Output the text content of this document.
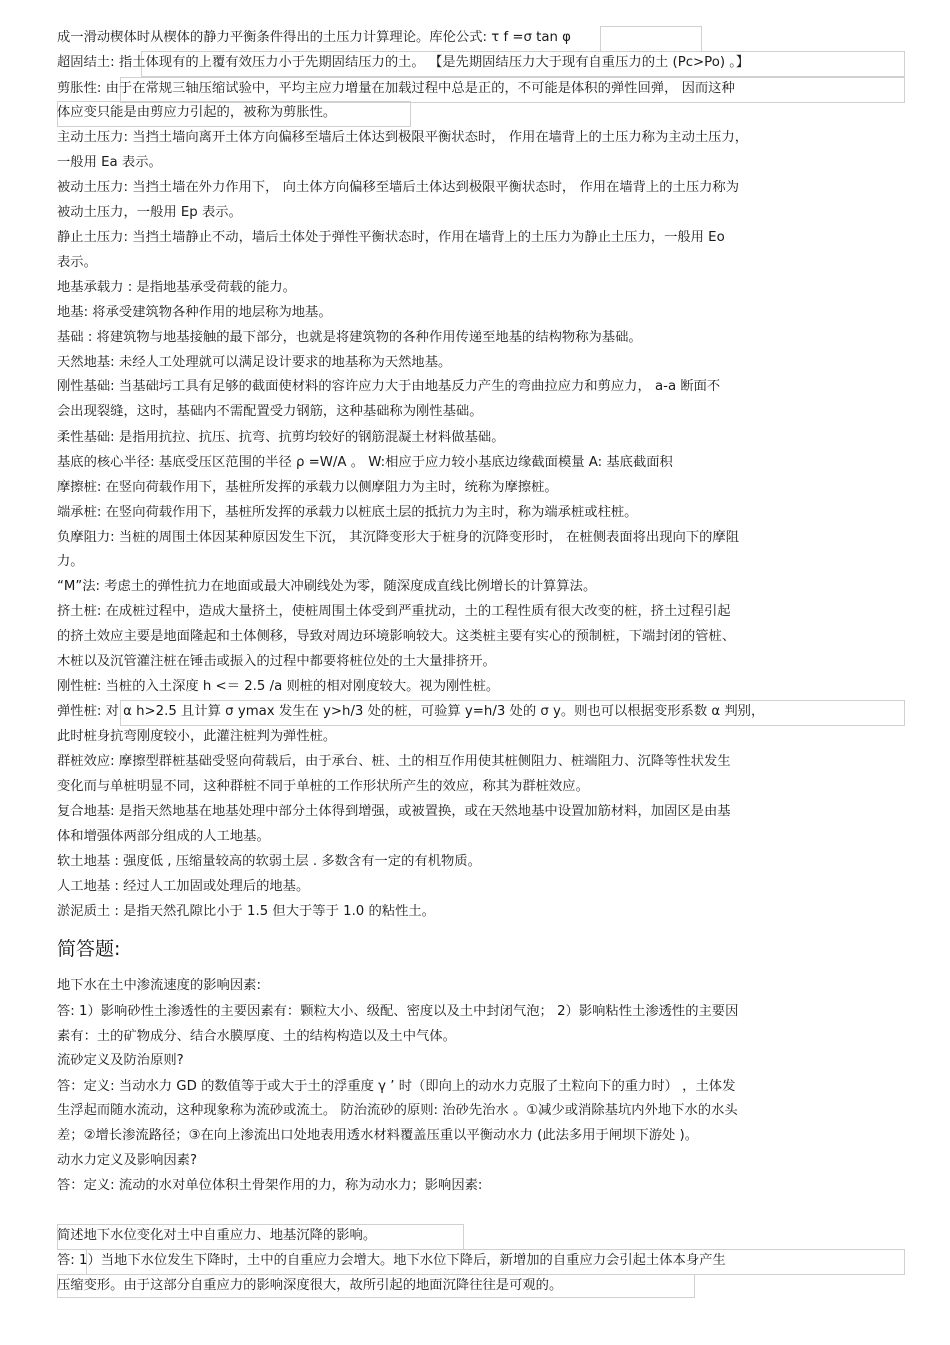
成一滑动楔体时从楔体的静力平衡条件得出的土压力计算理论。库伦公式: τ f =σ tan φ
超固结土: 指土体现有的上覆有效压力小于先期固结压力的土。 【是先期固结压力大于现有自重压力的土 (Pc>Po) 。】
剪胀性: 由于在常规三轴压缩试验中，平均主应力增量在加载过程中总是正的，不可能是体积的弹性回弹， 因而这种
体应变只能是由剪应力引起的，被称为剪胀性。
主动土压力: 当挡土墙向离开土体方向偏移至墙后土体达到极限平衡状态时， 作用在墙背上的土压力称为主动土压力，
一般用 Ea 表示。
被动土压力: 当挡土墙在外力作用下， 向土体方向偏移至墙后土体达到极限平衡状态时， 作用在墙背上的土压力称为
被动土压力，一般用 Ep 表示。
静止土压力: 当挡土墙静止不动，墙后土体处于弹性平衡状态时，作用在墙背上的土压力为静止土压力，一般用 Eo
表示。
地基承载力 : 是指地基承受荷载的能力。
地基: 将承受建筑物各种作用的地层称为地基。
基础 : 将建筑物与地基接触的最下部分，也就是将建筑物的各种作用传递至地基的结构物称为基础。
天然地基: 未经人工处理就可以满足设计要求的地基称为天然地基。
刚性基础: 当基础圬工具有足够的截面使材料的容许应力大于由地基反力产生的弯曲拉应力和剪应力， a-a 断面不
会出现裂缝，这时，基础内不需配置受力钢筋，这种基础称为刚性基础。
柔性基础: 是指用抗拉、抗压、抗弯、抗剪均较好的钢筋混凝土材料做基础。
基底的核心半径: 基底受压区范围的半径 ρ =W/A 。 W:相应于应力较小基底边缘截面模量 A: 基底截面积
摩擦桩: 在竖向荷载作用下，基桩所发挥的承载力以侧摩阻力为主时，统称为摩擦桩。
端承桩: 在竖向荷载作用下，基桩所发挥的承载力以桩底土层的抵抗力为主时，称为端承桩或柱桩。
负摩阻力: 当桩的周围土体因某种原因发生下沉， 其沉降变形大于桩身的沉降变形时， 在桩侧表面将出现向下的摩阻
力。
“M”法: 考虑土的弹性抗力在地面或最大冲刷线处为零，随深度成直线比例增长的计算算法。
挤土桩: 在成桩过程中，造成大量挤土，使桩周围土体受到严重扰动，土的工程性质有很大改变的桩，挤土过程引起
的挤土效应主要是地面隆起和土体侧移，导致对周边环境影响较大。这类桩主要有实心的预制桩，下端封闭的管桩、
木桩以及沉管灌注桩在锤击或振入的过程中都要将桩位处的土大量排挤开。
刚性桩: 当桩的入土深度 h <＝ 2.5 /a 则桩的相对刚度较大。视为刚性桩。
弹性桩: 对 α h>2.5 且计算 σ ymax 发生在 y>h/3 处的桩，可验算 y=h/3 处的 σ y。则也可以根据变形系数 α 判别，
此时桩身抗弯刚度较小，此灌注桩判为弹性桩。
群桩效应: 摩擦型群桩基础受竖向荷载后，由于承台、桩、土的相互作用使其桩侧阻力、桩端阻力、沉降等性状发生
变化而与单桩明显不同，这种群桩不同于单桩的工作形状所产生的效应，称其为群桩效应。
复合地基: 是指天然地基在地基处理中部分土体得到增强，或被置换，或在天然地基中设置加筋材料，加固区是由基
体和增强体两部分组成的人工地基。
软土地基 : 强度低 , 压缩量较高的软弱土层 . 多数含有一定的有机物质。
人工地基 : 经过人工加固或处理后的地基。
淤泥质土 : 是指天然孔隙比小于 1.5 但大于等于 1.0 的粘性土。
简答题:
地下水在土中渗流速度的影响因素:
答: 1）影响砂性土渗透性的主要因素有：颗粒大小、级配、密度以及土中封闭气泡； 2）影响粘性土渗透性的主要因
素有：土的矿物成分、结合水膜厚度、土的结构构造以及土中气体。
流砂定义及防治原则?
答：定义: 当动水力 GD 的数值等于或大于土的浮重度 γ ’ 时（即向上的动水力克服了土粒向下的重力时） ，土体发
生浮起而随水流动，这种现象称为流砂或流土。 防治流砂的原则: 治砂先治水 。①减少或消除基坑内外地下水的水头
差；②增长渗流路径；③在向上渗流出口处地表用透水材料覆盖压重以平衡动水力 (此法多用于闸坝下游处 )。
动水力定义及影响因素?
答：定义: 流动的水对单位体积土骨架作用的力，称为动水力；影响因素:
简述地下水位变化对土中自重应力、地基沉降的影响。
答: 1）当地下水位发生下降时，土中的自重应力会增大。地下水位下降后，新增加的自重应力会引起土体本身产生
压缩变形。由于这部分自重应力的影响深度很大，故所引起的地面沉降往往是可观的。
